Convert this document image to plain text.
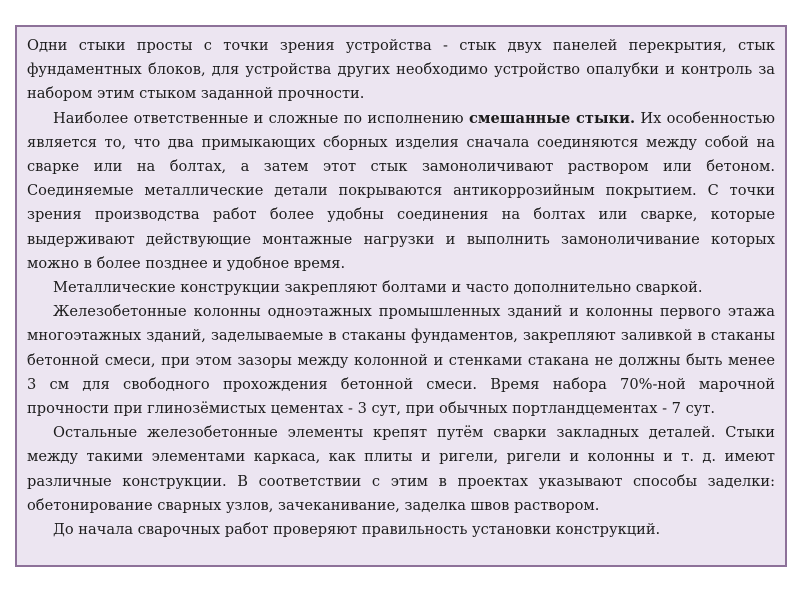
Одни стыки просты с точки зрения устройства - стык двух панелей перекрытия, стык фундаментных блоков, для устройства других необходимо устройство опалубки и контроль за набором этим стыком заданной прочности.

Наиболее ответственные и сложные по исполнению смешанные стыки. Их особенностью является то, что два примыкающих сборных изделия сначала соединяются между собой на сварке или на болтах, а затем этот стык замоноличивают раствором или бетоном. Соединяемые металлические детали покрываются антикоррозийным покрытием. С точки зрения производства работ более удобны соединения на болтах или сварке, которые выдерживают действующие монтажные нагрузки и выполнить замоноличивание которых можно в более позднее и удобное время.

Металлические конструкции закрепляют болтами и часто дополнительно сваркой.

Железобетонные колонны одноэтажных промышленных зданий и колонны первого этажа многоэтажных зданий, заделываемые в стаканы фундаментов, закрепляют заливкой в стаканы бетонной смеси, при этом зазоры между колонной и стенками стакана не должны быть менее 3 см для свободного прохождения бетонной смеси. Время набора 70%-ной марочной прочности при глинозёмистых цементах - 3 сут, при обычных портландцементах - 7 сут.

Остальные железобетонные элементы крепят путём сварки закладных деталей. Стыки между такими элементами каркаса, как плиты и ригели, ригели и колонны и т. д. имеют различные конструкции. В соответствии с этим в проектах указывают способы заделки: обетонирование сварных узлов, зачеканивание, заделка швов раствором.

До начала сварочных работ проверяют правильность установки конструкций.
